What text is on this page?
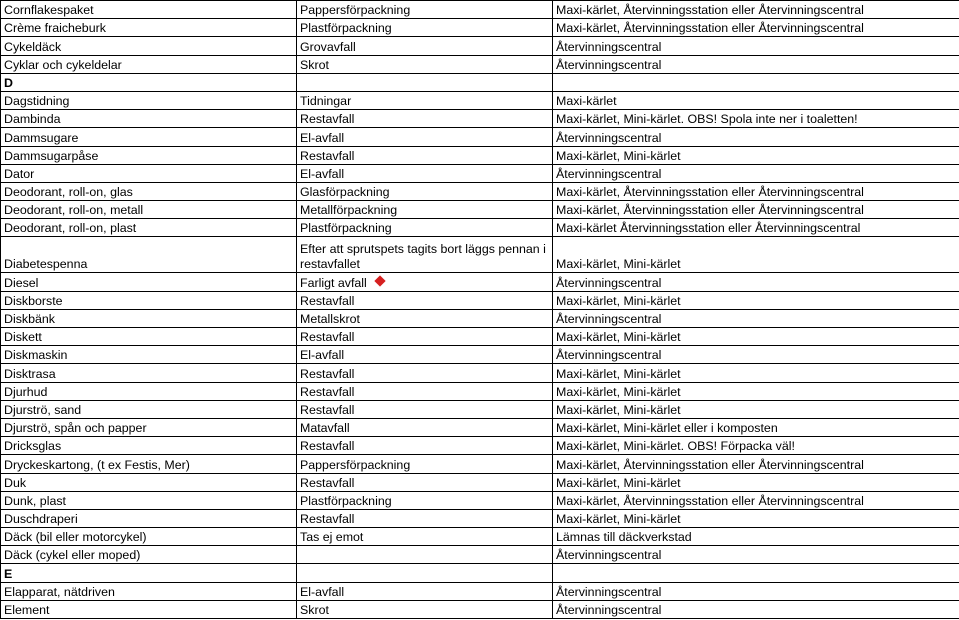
Cornflakespaket	Pappersförpackning	Maxi-kärlet, Återvinningsstation eller Återvinningscentral
Crème fraicheburk	Plastförpackning	Maxi-kärlet, Återvinningsstation eller Återvinningscentral
Cykeldäck	Grovavfall	Återvinningscentral
Cyklar och cykeldelar	Skrot	Återvinningscentral
D		
Dagstidning	Tidningar	Maxi-kärlet
Dambinda	Restavfall	Maxi-kärlet, Mini-kärlet. OBS! Spola inte ner i toaletten!
Dammsugare	El-avfall	Återvinningscentral
Dammsugarpåse	Restavfall	Maxi-kärlet, Mini-kärlet
Dator	El-avfall	Återvinningscentral
Deodorant, roll-on, glas	Glasförpackning	Maxi-kärlet, Återvinningsstation eller Återvinningscentral
Deodorant, roll-on, metall	Metallförpackning	Maxi-kärlet, Återvinningsstation eller Återvinningscentral
Deodorant, roll-on, plast	Plastförpackning	Maxi-kärlet Återvinningsstation eller Återvinningscentral
Diabetespenna	Efter att sprutspets tagits bort läggs pennan i restavfallet	Maxi-kärlet, Mini-kärlet
Diesel	Farligt avfall	Återvinningscentral
Diskborste	Restavfall	Maxi-kärlet, Mini-kärlet
Diskbänk	Metallskrot	Återvinningscentral
Diskett	Restavfall	Maxi-kärlet, Mini-kärlet
Diskmaskin	El-avfall	Återvinningscentral
Disktrasa	Restavfall	Maxi-kärlet, Mini-kärlet
Djurhud	Restavfall	Maxi-kärlet, Mini-kärlet
Djurströ, sand	Restavfall	Maxi-kärlet, Mini-kärlet
Djurströ, spån och papper	Matavfall	Maxi-kärlet, Mini-kärlet eller i komposten
Dricksglas	Restavfall	Maxi-kärlet, Mini-kärlet. OBS! Förpacka väl!
Dryckeskartong, (t ex Festis, Mer)	Pappersförpackning	Maxi-kärlet, Återvinningsstation eller Återvinningscentral
Duk	Restavfall	Maxi-kärlet, Mini-kärlet
Dunk, plast	Plastförpackning	Maxi-kärlet, Återvinningsstation eller Återvinningscentral
Duschdraperi	Restavfall	Maxi-kärlet, Mini-kärlet
Däck (bil eller motorcykel)	Tas ej emot	Lämnas till däckverkstad
Däck (cykel eller moped)		Återvinningscentral
E		
Elapparat, nätdriven	El-avfall	Återvinningscentral
Element	Skrot	Återvinningscentral
